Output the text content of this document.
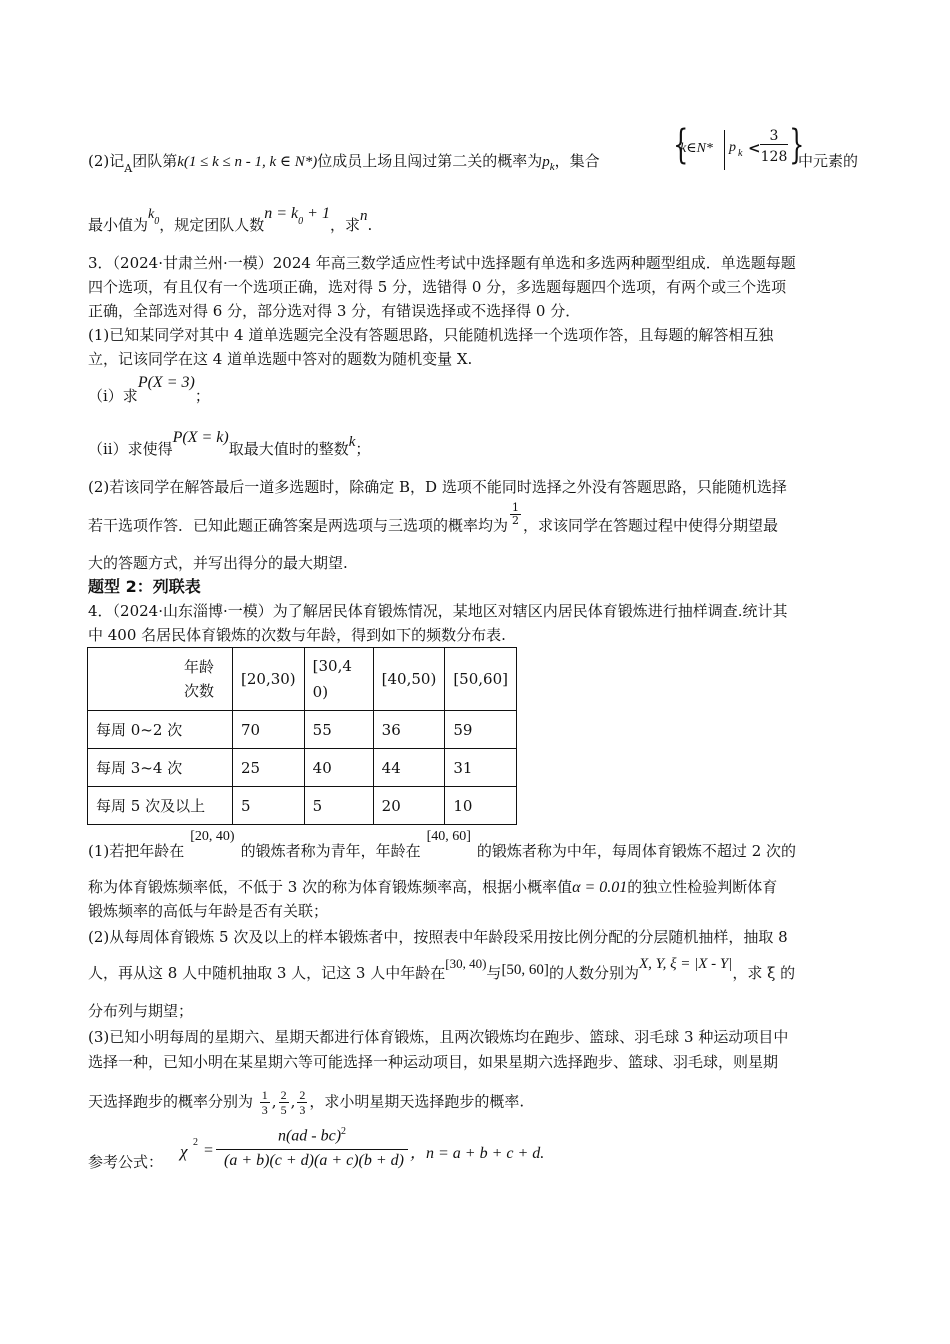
(2)记$_A$团队第k(1 ≤ k ≤ n - 1, k ∈ N*)位成员上场且闯过第二关的概率为$p_k$，集合 {
k∈N* p k <
3
128 }
中元素的
最小值为$k_0$，规定团队人数$n = k_0 + 1$，求n.
3．（2024·甘肃兰州·一模）2024 年高三数学适应性考试中选择题有单选和多选两种题型组成．单选题每题
四个选项，有且仅有一个选项正确，选对得 5 分，选错得 0 分，多选题每题四个选项，有两个或三个选项
正确，全部选对得 6 分，部分选对得 3 分，有错误选择或不选择得 0 分．
(1)已知某同学对其中 4 道单选题完全没有答题思路，只能随机选择一个选项作答，且每题的解答相互独
立，记该同学在这 4 道单选题中答对的题数为随机变量 X.
（i）求P(X = 3)；
（ii）求使得P(X = k)取最大值时的整数k；
(2)若该同学在解答最后一道多选题时，除确定 B，D 选项不能同时选择之外没有答题思路，只能随机选择
若干选项作答．已知此题正确答案是两选项与三选项的概率均为 $\frac{1}{2}$ ，求该同学在答题过程中使得分期望最
大的答题方式，并写出得分的最大期望.
题型 2：列联表
4．（2024·山东淄博·一模）为了解居民体育锻炼情况，某地区对辖区内居民体育锻炼进行抽样调查.统计其
中 400 名居民体育锻炼的次数与年龄，得到如下的频数分布表.
年龄
次数	[20,30)	[30,40)	[40,50)	[50,60]
每周 0~2 次	70	55	36	59
每周 3~4 次	25	40	44	31
每周 5 次及以上	5	5	20	10
(1)若把年龄在[20, 40)的锻炼者称为青年，年龄在[40, 60]的锻炼者称为中年，每周体育锻炼不超过 2 次的
称为体育锻炼频率低，不低于 3 次的称为体育锻炼频率高，根据小概率值α = 0.01的独立性检验判断体育
锻炼频率的高低与年龄是否有关联；
(2)从每周体育锻炼 5 次及以上的样本锻炼者中，按照表中年龄段采用按比例分配的分层随机抽样，抽取 8
人，再从这 8 人中随机抽取 3 人，记这 3 人中年龄在[30, 40)与[50, 60]的人数分别为X, Y, ξ = |X - Y|，求 ξ 的
分布列与期望；
(3)已知小明每周的星期六、星期天都进行体育锻炼，且两次锻炼均在跑步、篮球、羽毛球 3 种运动项目中
选择一种，已知小明在某星期六等可能选择一种运动项目，如果星期六选择跑步、篮球、羽毛球，则星期
天选择跑步的概率分别为 $\frac{1}{3}$ , $\frac{2}{5}$ , $\frac{2}{3}$ ，求小明星期天选择跑步的概率.
参考公式：
χ 2 =
n(ad - bc)$^2$
(a + b)(c + d)(a + c)(b + d) ，n = a + b + c + d.
